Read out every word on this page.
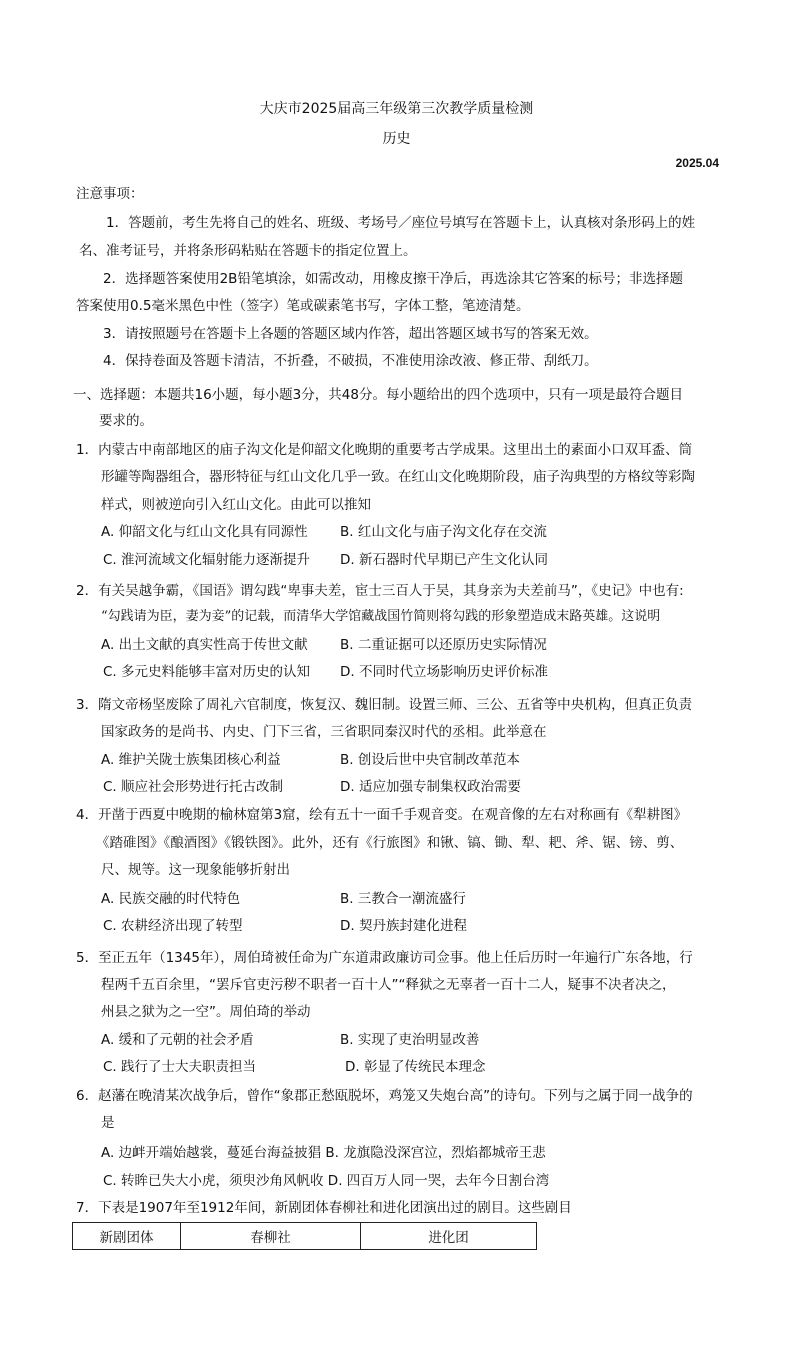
大庆市2025届高三年级第三次教学质量检测
历史
2025.04
注意事项：
1．答题前，考生先将自己的姓名、班级、考场号／座位号填写在答题卡上，认真核对条形码上的姓
名、准考证号，并将条形码粘贴在答题卡的指定位置上。
2．选择题答案使用2B铅笔填涂，如需改动，用橡皮擦干净后，再选涂其它答案的标号；非选择题
答案使用0.5毫米黑色中性（签字）笔或碳素笔书写，字体工整，笔迹清楚。
3．请按照题号在答题卡上各题的答题区域内作答，超出答题区域书写的答案无效。
4．保持卷面及答题卡清洁，不折叠，不破损，不准使用涂改液、修正带、刮纸刀。
一、选择题：本题共16小题，每小题3分，共48分。每小题给出的四个选项中，只有一项是最符合题目
要求的。
1．内蒙古中南部地区的庙子沟文化是仰韶文化晚期的重要考古学成果。这里出土的素面小口双耳盉、筒
形罐等陶器组合，器形特征与红山文化几乎一致。在红山文化晚期阶段，庙子沟典型的方格纹等彩陶
样式，则被逆向引入红山文化。由此可以推知
A. 仰韶文化与红山文化具有同源性 B. 红山文化与庙子沟文化存在交流
C. 淮河流域文化辐射能力逐渐提升 D. 新石器时代早期已产生文化认同
2．有关吴越争霸，《国语》谓勾践“卑事夫差，宦士三百人于吴，其身亲为夫差前马”，《史记》中也有:
“勾践请为臣，妻为妾”的记载，而清华大学馆藏战国竹简则将勾践的形象塑造成末路英雄。这说明
A. 出土文献的真实性高于传世文献 B. 二重证据可以还原历史实际情况
C. 多元史料能够丰富对历史的认知 D. 不同时代立场影响历史评价标准
3．隋文帝杨坚废除了周礼六官制度，恢复汉、魏旧制。设置三师、三公、五省等中央机构，但真正负责
国家政务的是尚书、内史、门下三省，三省职同秦汉时代的丞相。此举意在
A. 维护关陇士族集团核心利益	B. 创设后世中央官制改革范本
C. 顺应社会形势进行托古改制	D. 适应加强专制集权政治需要
4．开凿于西夏中晚期的榆林窟第3窟，绘有五十一面千手观音变。在观音像的左右对称画有《犁耕图》
《踏碓图》《酿酒图》《锻铁图》。此外，还有《行旅图》和锹、镐、锄、犁、耙、斧、锯、镑、剪、
尺、规等。这一现象能够折射出
A. 民族交融的时代特色	B. 三教合一潮流盛行
C. 农耕经济出现了转型	D. 契丹族封建化进程
5．至正五年（1345年），周伯琦被任命为广东道肃政廉访司佥事。他上任后历时一年遍行广东各地，行
程两千五百余里，“罢斥官吏污秽不职者一百十人”“释狱之无辜者一百十二人，疑事不决者决之，
州县之狱为之一空”。周伯琦的举动
A. 缓和了元朝的社会矛盾	B. 实现了吏治明显改善
C. 践行了士大夫职责担当	D. 彰显了传统民本理念
6．赵藩在晚清某次战争后，曾作“象郡正愁瓯脱坏，鸡笼又失炮台高”的诗句。下列与之属于同一战争的
是
A. 边衅开端始越裳，蔓延台海益披猖 B. 龙旗隐没深宫泣，烈焰都城帝王悲
C. 转眸已失大小虎，须臾沙角风帆收 D. 四百万人同一哭，去年今日割台湾
7．下表是1907年至1912年间，新剧团体春柳社和进化团演出过的剧目。这些剧目
新剧团体	春柳社	进化团
